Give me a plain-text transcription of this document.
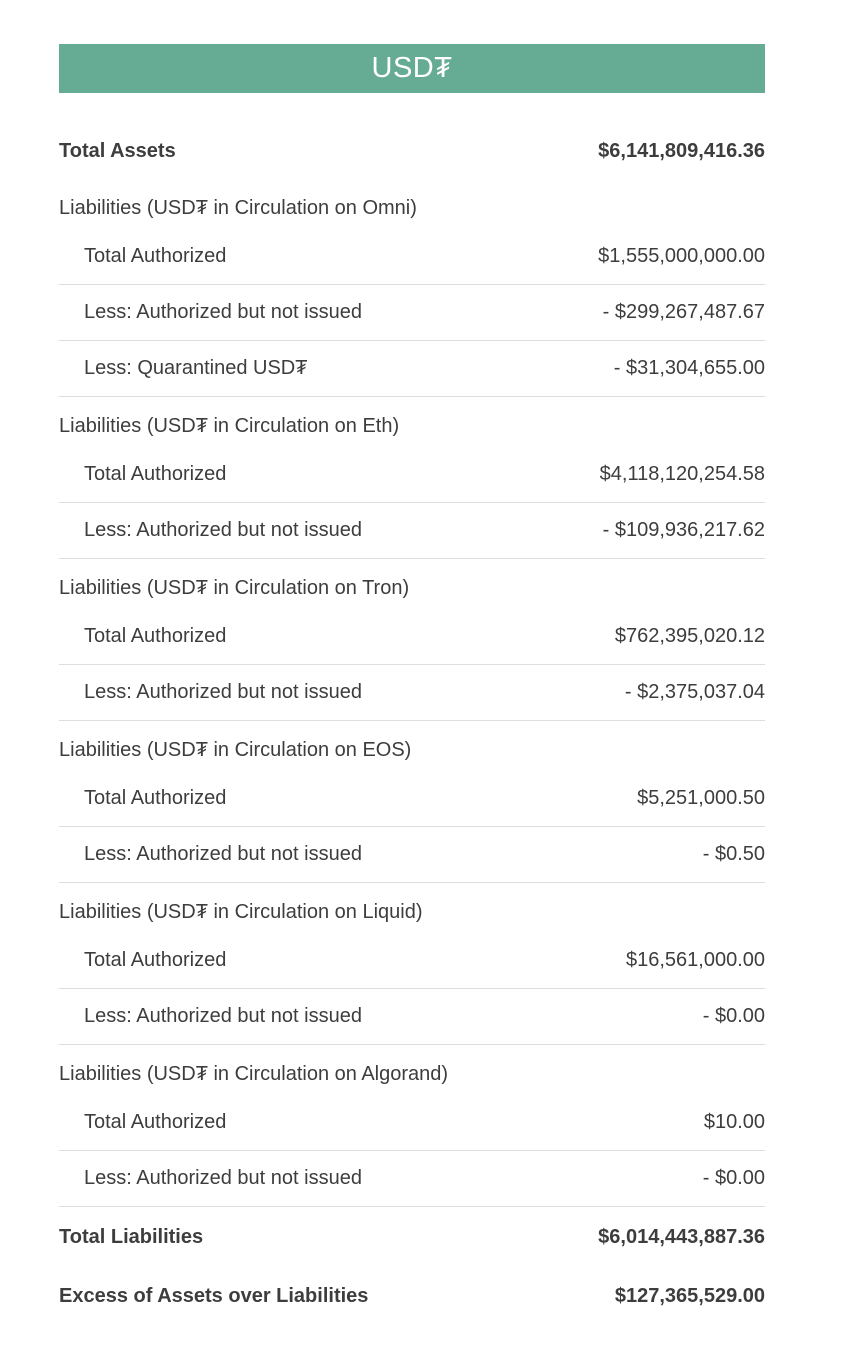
USD₮
Total Assets	$6,141,809,416.36
Liabilities (USD₮ in Circulation on Omni)
Total Authorized	$1,555,000,000.00
Less: Authorized but not issued	- $299,267,487.67
Less: Quarantined USD₮	- $31,304,655.00
Liabilities (USD₮ in Circulation on Eth)
Total Authorized	$4,118,120,254.58
Less: Authorized but not issued	- $109,936,217.62
Liabilities (USD₮ in Circulation on Tron)
Total Authorized	$762,395,020.12
Less: Authorized but not issued	- $2,375,037.04
Liabilities (USD₮ in Circulation on EOS)
Total Authorized	$5,251,000.50
Less: Authorized but not issued	- $0.50
Liabilities (USD₮ in Circulation on Liquid)
Total Authorized	$16,561,000.00
Less: Authorized but not issued	- $0.00
Liabilities (USD₮ in Circulation on Algorand)
Total Authorized	$10.00
Less: Authorized but not issued	- $0.00
Total Liabilities	$6,014,443,887.36
Excess of Assets over Liabilities	$127,365,529.00
